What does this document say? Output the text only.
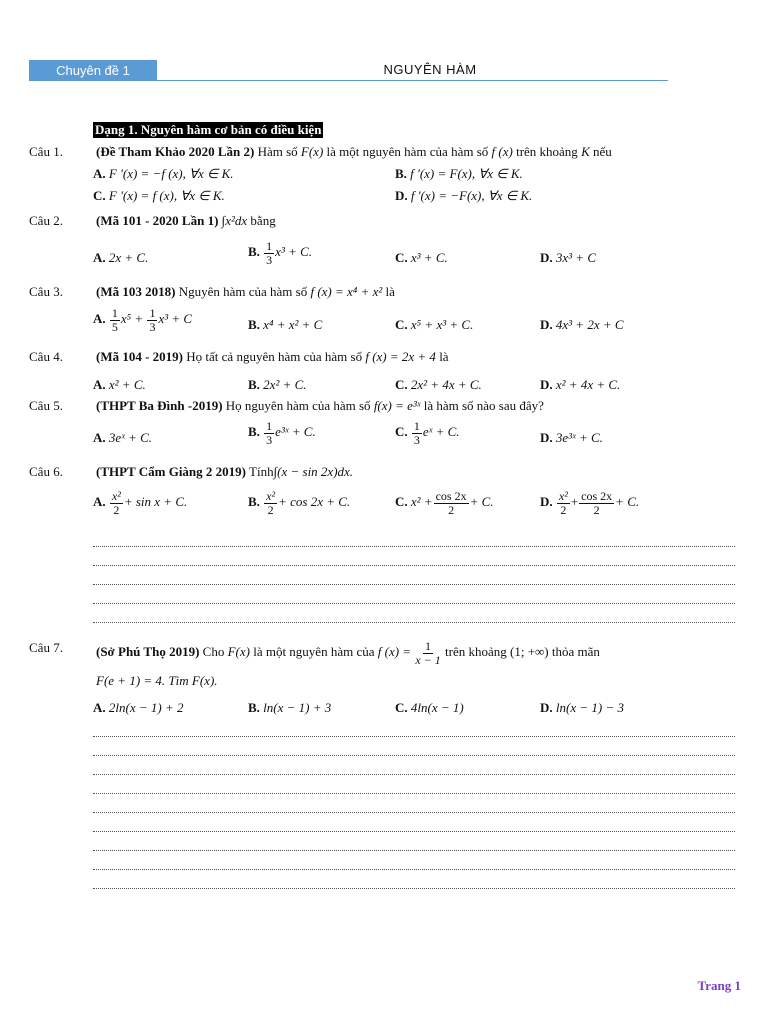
Chuyên đề 1	NGUYÊN HÀM
Dạng 1. Nguyên hàm cơ bản có điều kiện
Câu 1.	(Đề Tham Khảo 2020 Lần 2) Hàm số F(x) là một nguyên hàm của hàm số f (x) trên khoảng K nếu
A. F '(x) = −f (x), ∀x ∈ K.	B. f '(x) = F(x), ∀x ∈ K.
C. F '(x) = f (x), ∀x ∈ K.	D. f '(x) = −F(x), ∀x ∈ K.
Câu 2.	(Mã 101 - 2020 Lần 1) ∫x²dx bằng
A. 2x + C.	B. $\frac{1}{3} x^3 + C$.	C. x³ + C.	D. 3x³ + C
Câu 3.	(Mã 103 2018) Nguyên hàm của hàm số f (x) = x⁴ + x² là
A. $\frac{1}{5} x^5 + \frac{1}{3} x^3 + C$	B. x⁴ + x² + C	C. x⁵ + x³ + C.	D. 4x³ + 2x + C
Câu 4.	(Mã 104 - 2019) Họ tất cả nguyên hàm của hàm số f (x) = 2x + 4 là
A. x² + C.	B. 2x² + C.	C. 2x² + 4x + C.	D. x² + 4x + C.
Câu 5.	(THPT Ba Đình -2019) Họ nguyên hàm của hàm số f(x) = e³ˣ là hàm số nào sau đây?
A. 3eˣ + C.	B. $\frac{1}{3}$ e³ˣ + C.	C. $\frac{1}{3}$ eˣ + C.	D. 3e³ˣ + C.
Câu 6.	(THPT Cẩm Giàng 2 2019) Tính∫(x − sin 2x)dx.
A. $\frac{\text{x²}}{2} + \sin x + C$.	B. $\frac{\text{x²}}{2} + \cos 2x + C$.	C. $x^2 + \frac{\cos 2x}{2} + C$.	D. $\frac{\text{x²}}{2} + \frac{\cos 2x}{2} + C$.
Câu 7.	(Sở Phú Thọ 2019) Cho F(x) là một nguyên hàm của f $(x) = \frac{1}{x - 1}$ trên khoảng (1; +∞) thỏa mãn
F(e + 1) = 4. Tìm F(x).
A. 2ln(x − 1) + 2	B. ln(x − 1) + 3	C. 4ln(x − 1)	D. ln(x − 1) − 3
Trang 1
